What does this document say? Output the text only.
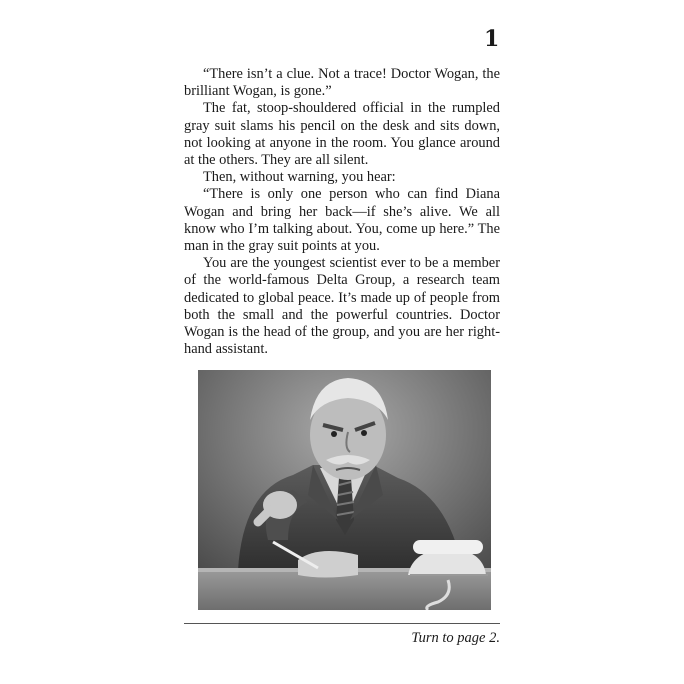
1

“There isn’t a clue. Not a trace! Doctor Wogan, the brilliant Wogan, is gone.”

The fat, stoop-shouldered official in the rumpled gray suit slams his pencil on the desk and sits down, not looking at anyone in the room. You glance around at the others. They are all silent.

Then, without warning, you hear:

“There is only one person who can find Diana Wogan and bring her back—if she’s alive. We all know who I’m talking about. You, come up here.” The man in the gray suit points at you.

You are the youngest scientist ever to be a member of the world-famous Delta Group, a research team dedicated to global peace. It’s made up of people from both the small and the powerful countries. Doctor Wogan is the head of the group, and you are her right-hand assistant.

Turn to page 2.
